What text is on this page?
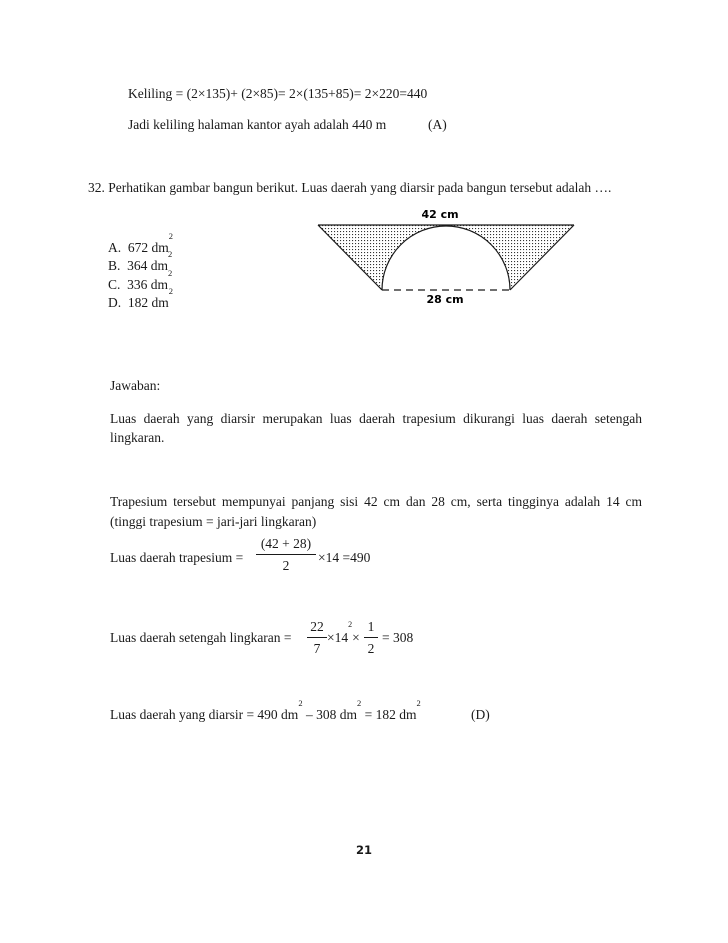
Keliling = (2×135)+ (2×85)= 2×(135+85)= 2×220=440
Jadi keliling halaman kantor ayah adalah 440 m	(A)
32. Perhatikan gambar bangun berikut. Luas daerah yang diarsir pada bangun tersebut adalah ….
A. 672 $dm^2$
B. 364 $dm^2$
C. 336 $dm^2$
D. 182 $dm^2$
42 cm
28 cm
Jawaban:
Luas daerah yang diarsir merupakan luas daerah trapesium dikurangi luas daerah setengah lingkaran.
Trapesium tersebut mempunyai panjang sisi 42 cm dan 28 cm, serta tingginya adalah 14 cm (tinggi trapesium = jari-jari lingkaran)
Luas daerah trapesium = $\frac{(42 + 28)}{2} \times 14 =490$
Luas daerah setengah lingkaran = $\frac{22}{7} \times 14^2\times \frac{1}{2} = 308$
Luas daerah yang diarsir = 490 $dm^2 - 308$ $dm^2 = 182$ $dm^2$
(D)
21
